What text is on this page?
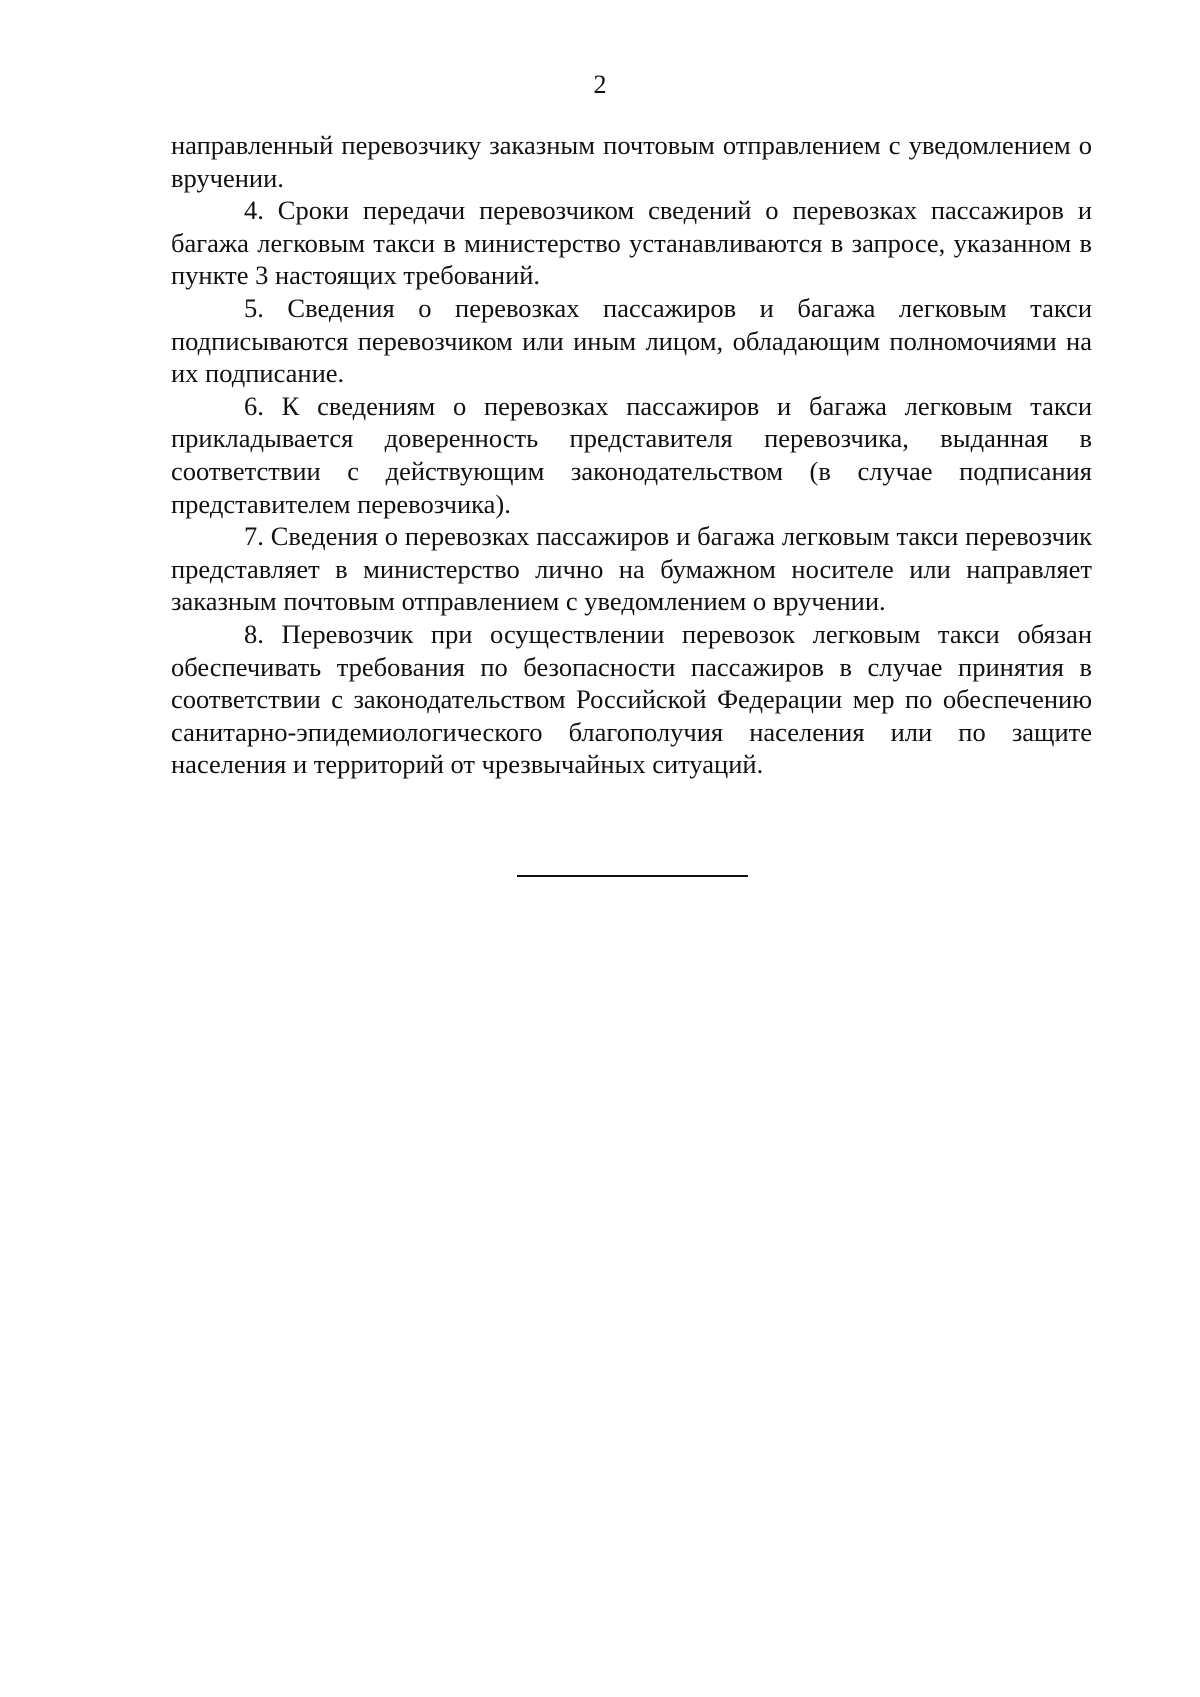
2

направленный перевозчику заказным почтовым отправлением с уведомлением о вручении.

4. Сроки передачи перевозчиком сведений о перевозках пассажиров и багажа легковым такси в министерство устанавливаются в запросе, указанном в пункте 3 настоящих требований.

5. Сведения о перевозках пассажиров и багажа легковым такси подписываются перевозчиком или иным лицом, обладающим полномочиями на их подписание.

6. К сведениям о перевозках пассажиров и багажа легковым такси прикладывается доверенность представителя перевозчика, выданная в соответствии с действующим законодательством (в случае подписания представителем перевозчика).

7. Сведения о перевозках пассажиров и багажа легковым такси перевозчик представляет в министерство лично на бумажном носителе или направляет заказным почтовым отправлением с уведомлением о вручении.

8. Перевозчик при осуществлении перевозок легковым такси обязан обеспечивать требования по безопасности пассажиров в случае принятия в соответствии с законодательством Российской Федерации мер по обеспечению санитарно-эпидемиологического благополучия населения или по защите населения и территорий от чрезвычайных ситуаций.
